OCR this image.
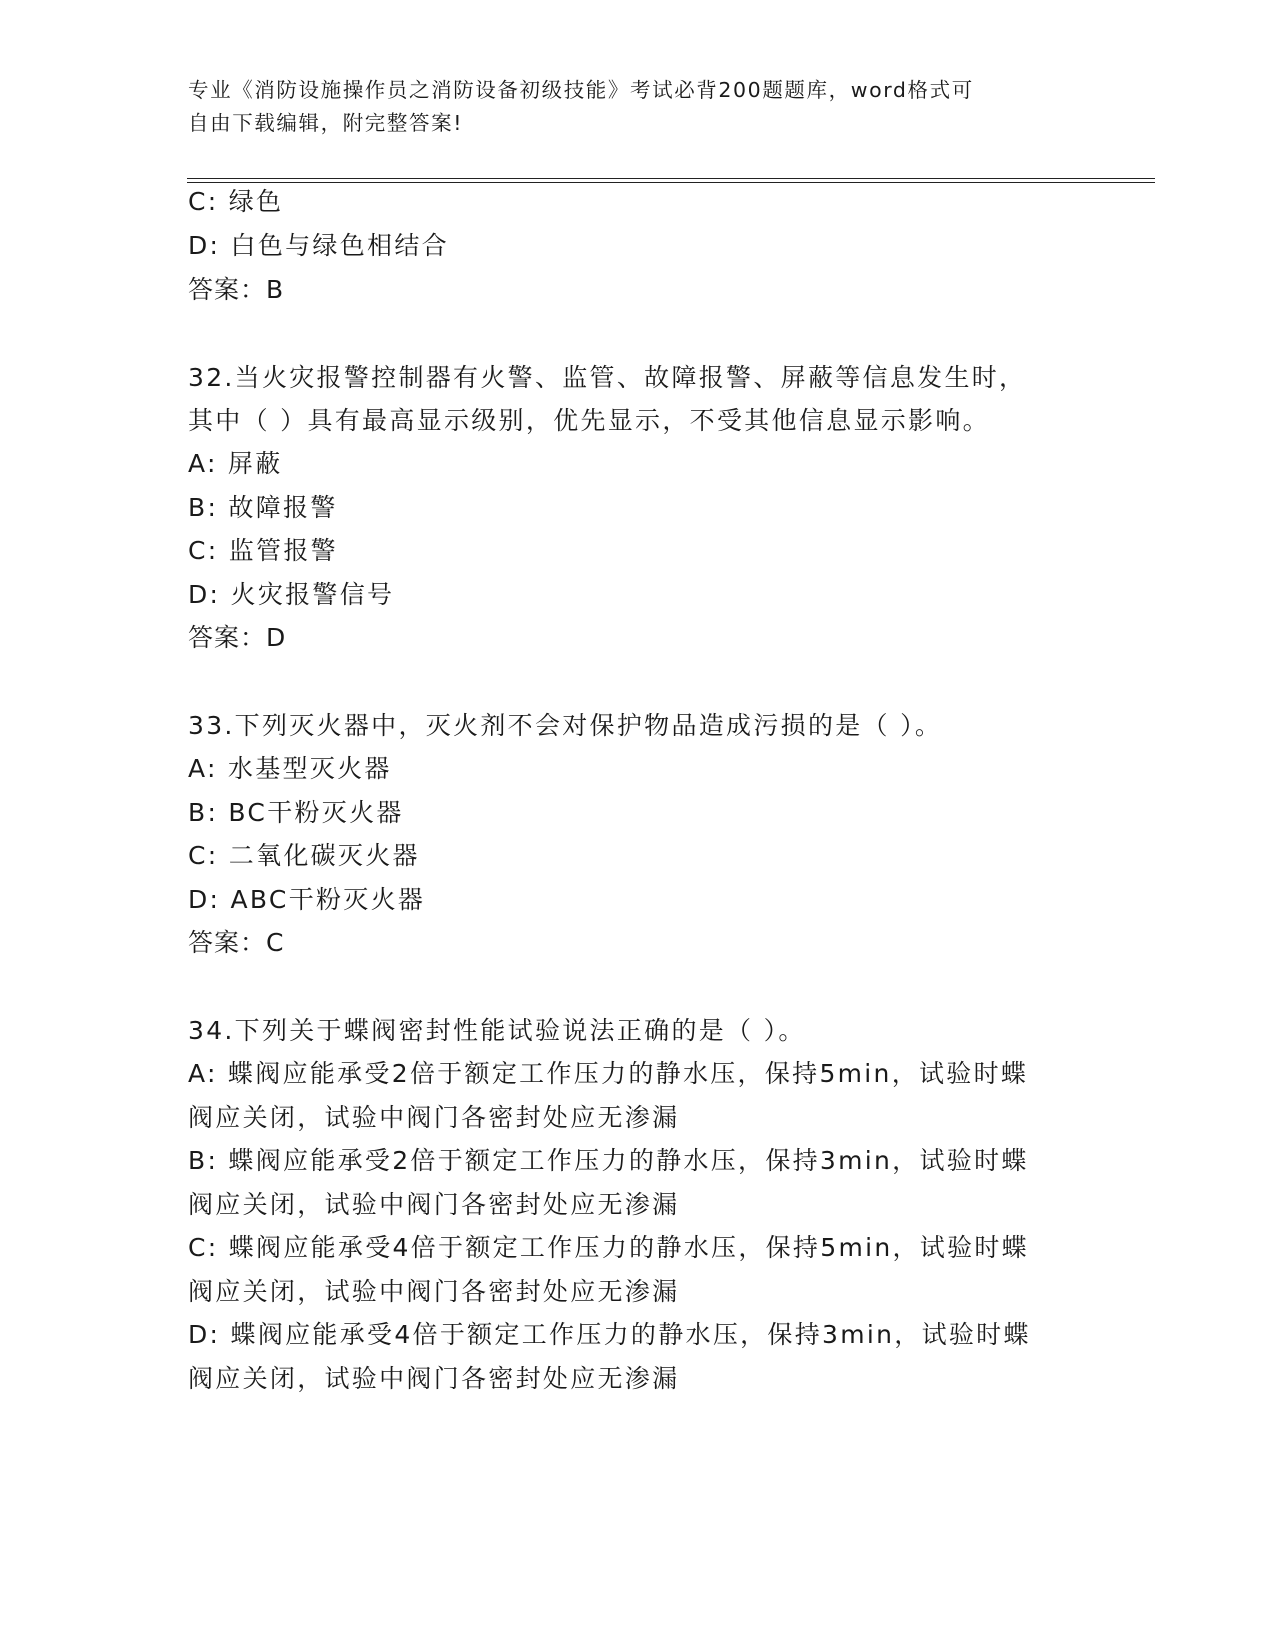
专业《消防设施操作员之消防设备初级技能》考试必背200题题库，word格式可
自由下载编辑，附完整答案!
C: 绿色
D: 白色与绿色相结合
答案：B
32.当火灾报警控制器有火警、监管、故障报警、屏蔽等信息发生时，
其中（ ）具有最高显示级别，优先显示，不受其他信息显示影响。
A: 屏蔽
B: 故障报警
C: 监管报警
D: 火灾报警信号
答案：D
33.下列灭火器中，灭火剂不会对保护物品造成污损的是（ ）。
A: 水基型灭火器
B: BC干粉灭火器
C: 二氧化碳灭火器
D: ABC干粉灭火器
答案：C
34.下列关于蝶阀密封性能试验说法正确的是（ ）。
A: 蝶阀应能承受2倍于额定工作压力的静水压，保持5min，试验时蝶
阀应关闭，试验中阀门各密封处应无渗漏
B: 蝶阀应能承受2倍于额定工作压力的静水压，保持3min，试验时蝶
阀应关闭，试验中阀门各密封处应无渗漏
C: 蝶阀应能承受4倍于额定工作压力的静水压，保持5min，试验时蝶
阀应关闭，试验中阀门各密封处应无渗漏
D: 蝶阀应能承受4倍于额定工作压力的静水压，保持3min，试验时蝶
阀应关闭，试验中阀门各密封处应无渗漏
